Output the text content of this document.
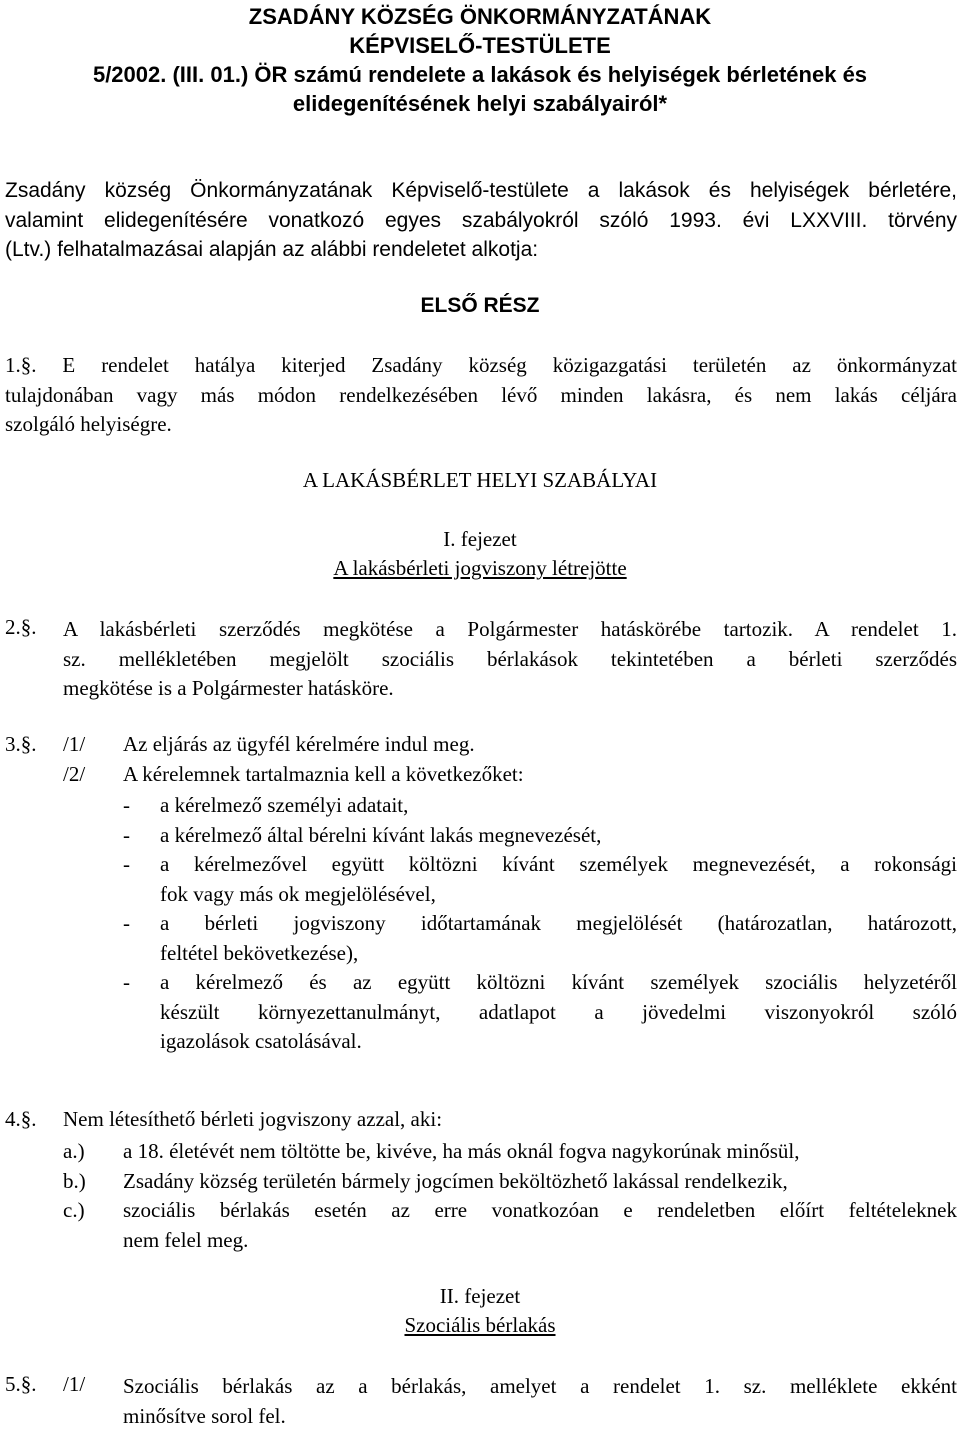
ZSADÁNY KÖZSÉG ÖNKORMÁNYZATÁNAK
KÉPVISELŐ-TESTÜLETE
5/2002. (III. 01.) ÖR számú rendelete a lakások és helyiségek bérletének és
elidegenítésének helyi szabályairól*
Zsadány község Önkormányzatának Képviselő-testülete a lakások és helyiségek bérletére,
valamint elidegenítésére vonatkozó egyes szabályokról szóló 1993. évi LXXVIII. törvény
(Ltv.) felhatalmazásai alapján az alábbi rendeletet alkotja:
ELSŐ RÉSZ
1.§. E rendelet hatálya kiterjed Zsadány község közigazgatási területén az önkormányzat
tulajdonában vagy más módon rendelkezésében lévő minden lakásra, és nem lakás céljára
szolgáló helyiségre.
A LAKÁSBÉRLET HELYI SZABÁLYAI
I. fejezet
A lakásbérleti jogviszony létrejötte
2.§. A lakásbérleti szerződés megkötése a Polgármester hatáskörébe tartozik. A rendelet 1.
sz. mellékletében megjelölt szociális bérlakások tekintetében a bérleti szerződés
megkötése is a Polgármester hatásköre.
3.§. /1/ Az eljárás az ügyfél kérelmére indul meg.
/2/ A kérelemnek tartalmaznia kell a következőket:
- a kérelmező személyi adatait,
- a kérelmező által bérelni kívánt lakás megnevezését,
- a kérelmezővel együtt költözni kívánt személyek megnevezését, a rokonsági
fok vagy más ok megjelölésével,
- a bérleti jogviszony időtartamának megjelölését (határozatlan, határozott,
feltétel bekövetkezése),
- a kérelmező és az együtt költözni kívánt személyek szociális helyzetéről
készült környezettanulmányt, adatlapot a jövedelmi viszonyokról szóló
igazolások csatolásával.
4.§. Nem létesíthető bérleti jogviszony azzal, aki:
a.) a 18. életévét nem töltötte be, kivéve, ha más oknál fogva nagykorúnak minősül,
b.) Zsadány község területén bármely jogcímen beköltözhető lakással rendelkezik,
c.) szociális bérlakás esetén az erre vonatkozóan e rendeletben előírt feltételeknek
nem felel meg.
II. fejezet
Szociális bérlakás
5.§. /1/ Szociális bérlakás az a bérlakás, amelyet a rendelet 1. sz. melléklete ekként
minősítve sorol fel.
